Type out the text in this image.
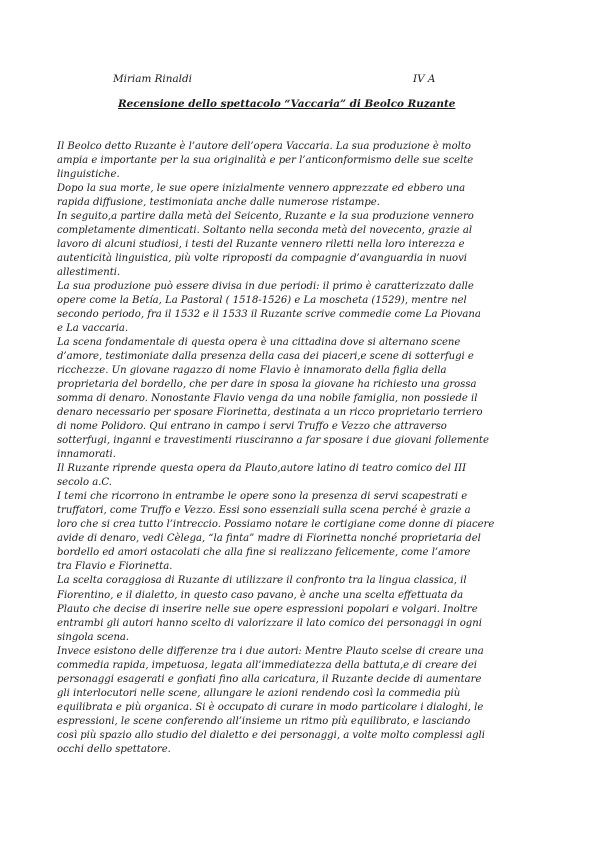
Miriam Rinaldi	IV A
Recensione dello spettacolo “Vaccaria” di Beolco Ruzante
Il Beolco detto Ruzante è l’autore dell’opera Vaccaria. La sua produzione è molto
ampia e importante per la sua originalità e per l’anticonformismo delle sue scelte
linguistiche.
Dopo la sua morte, le sue opere inizialmente vennero apprezzate ed ebbero una
rapida diffusione, testimoniata anche dalle numerose ristampe.
In seguito,a partire dalla metà del Seicento, Ruzante e la sua produzione vennero
completamente dimenticati. Soltanto nella seconda metà del novecento, grazie al
lavoro di alcuni studiosi, i testi del Ruzante vennero riletti nella loro interezza e
autenticità linguistica, più volte riproposti da compagnie d’avanguardia in nuovi
allestimenti.
La sua produzione può essere divisa in due periodi: il primo è caratterizzato dalle
opere come la Betía, La Pastoral ( 1518-1526) e La moscheta (1529), mentre nel
secondo periodo, fra il 1532 e il 1533 il Ruzante scrive commedie come La Piovana
e La vaccaria.
La scena fondamentale di questa opera è una cittadina dove si alternano scene
d’amore, testimoniate dalla presenza della casa dei piaceri,e scene di sotterfugi e
ricchezze. Un giovane ragazzo di nome Flavio è innamorato della figlia della
proprietaria del bordello, che per dare in sposa la giovane ha richiesto una grossa
somma di denaro. Nonostante Flavio venga da una nobile famiglia, non possiede il
denaro necessario per sposare Fiorinetta, destinata a un ricco proprietario terriero
di nome Polidoro. Qui entrano in campo i servi Truffo e Vezzo che attraverso
sotterfugi, inganni e travestimenti riusciranno a far sposare i due giovani follemente
innamorati.
Il Ruzante riprende questa opera da Plauto,autore latino di teatro comico del III
secolo a.C.
I temi che ricorrono in entrambe le opere sono la presenza di servi scapestrati e
truffatori, come Truffo e Vezzo. Essi sono essenziali sulla scena perché è grazie a
loro che si crea tutto l’intreccio. Possiamo notare le cortigiane come donne di piacere
avide di denaro, vedi Cèlega, “la finta” madre di Fiorinetta nonché proprietaria del
bordello ed amori ostacolati che alla fine si realizzano felicemente, come l’amore
tra Flavio e Fiorinetta.
La scelta coraggiosa di Ruzante di utilizzare il confronto tra la lingua classica, il
Fiorentino, e il dialetto, in questo caso pavano, è anche una scelta effettuata da
Plauto che decise di inserire nelle sue opere espressioni popolari e volgari. Inoltre
entrambi gli autori hanno scelto di valorizzare il lato comico dei personaggi in ogni
singola scena.
Invece esistono delle differenze tra i due autori: Mentre Plauto scelse di creare una
commedia rapida, impetuosa, legata all’immediatezza della battuta,e di creare dei
personaggi esagerati e gonfiati fino alla caricatura, il Ruzante decide di aumentare
gli interlocutori nelle scene, allungare le azioni rendendo così la commedia più
equilibrata e più organica. Si è occupato di curare in modo particolare i dialoghi, le
espressioni, le scene conferendo all’insieme un ritmo più equilibrato, e lasciando
così più spazio allo studio del dialetto e dei personaggi, a volte molto complessi agli
occhi dello spettatore.
